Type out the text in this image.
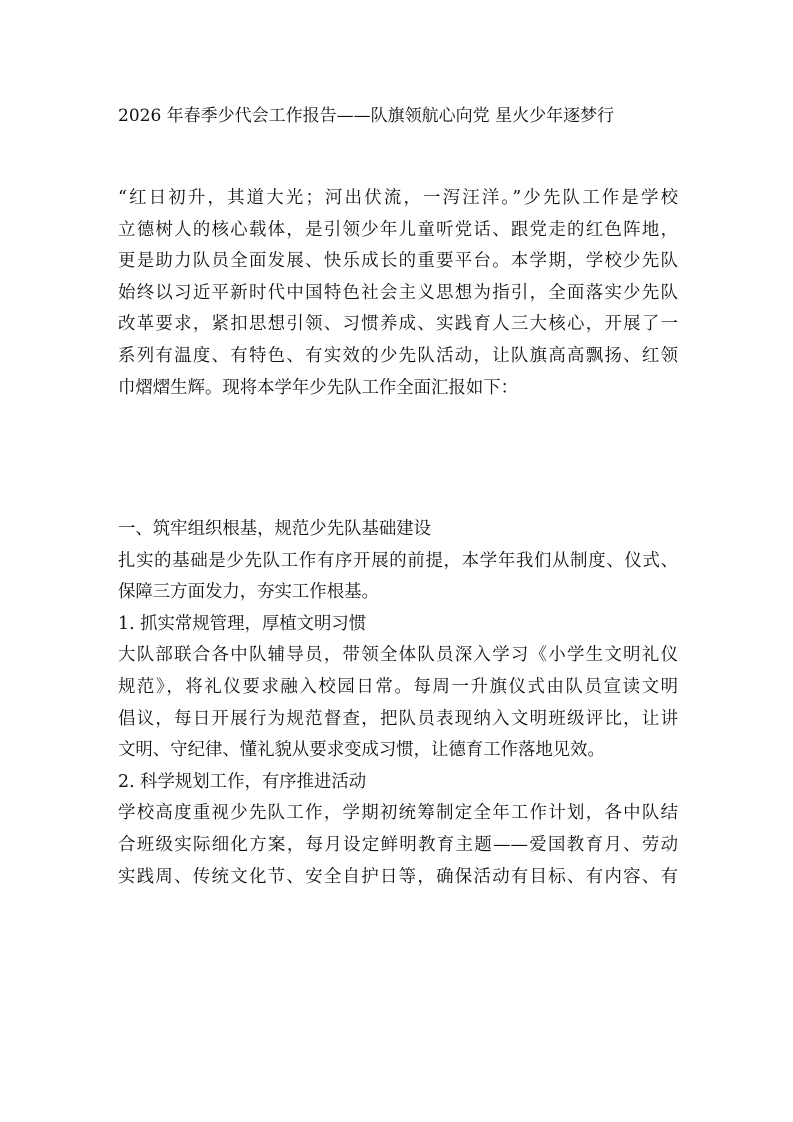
2026 年春季少代会工作报告——队旗领航心向党 星火少年逐梦行
“红日初升，其道大光；河出伏流，一泻汪洋。”少先队工作是学校
立德树人的核心载体，是引领少年儿童听党话、跟党走的红色阵地，
更是助力队员全面发展、快乐成长的重要平台。本学期，学校少先队
始终以习近平新时代中国特色社会主义思想为指引，全面落实少先队
改革要求，紧扣思想引领、习惯养成、实践育人三大核心，开展了一
系列有温度、有特色、有实效的少先队活动，让队旗高高飘扬、红领
巾熠熠生辉。现将本学年少先队工作全面汇报如下：
一、筑牢组织根基，规范少先队基础建设
扎实的基础是少先队工作有序开展的前提，本学年我们从制度、仪式、
保障三方面发力，夯实工作根基。
1. 抓实常规管理，厚植文明习惯
大队部联合各中队辅导员，带领全体队员深入学习《小学生文明礼仪
规范》，将礼仪要求融入校园日常。每周一升旗仪式由队员宣读文明
倡议，每日开展行为规范督查，把队员表现纳入文明班级评比，让讲
文明、守纪律、懂礼貌从要求变成习惯，让德育工作落地见效。
2. 科学规划工作，有序推进活动
学校高度重视少先队工作，学期初统筹制定全年工作计划，各中队结
合班级实际细化方案，每月设定鲜明教育主题——爱国教育月、劳动
实践周、传统文化节、安全自护日等，确保活动有目标、有内容、有
